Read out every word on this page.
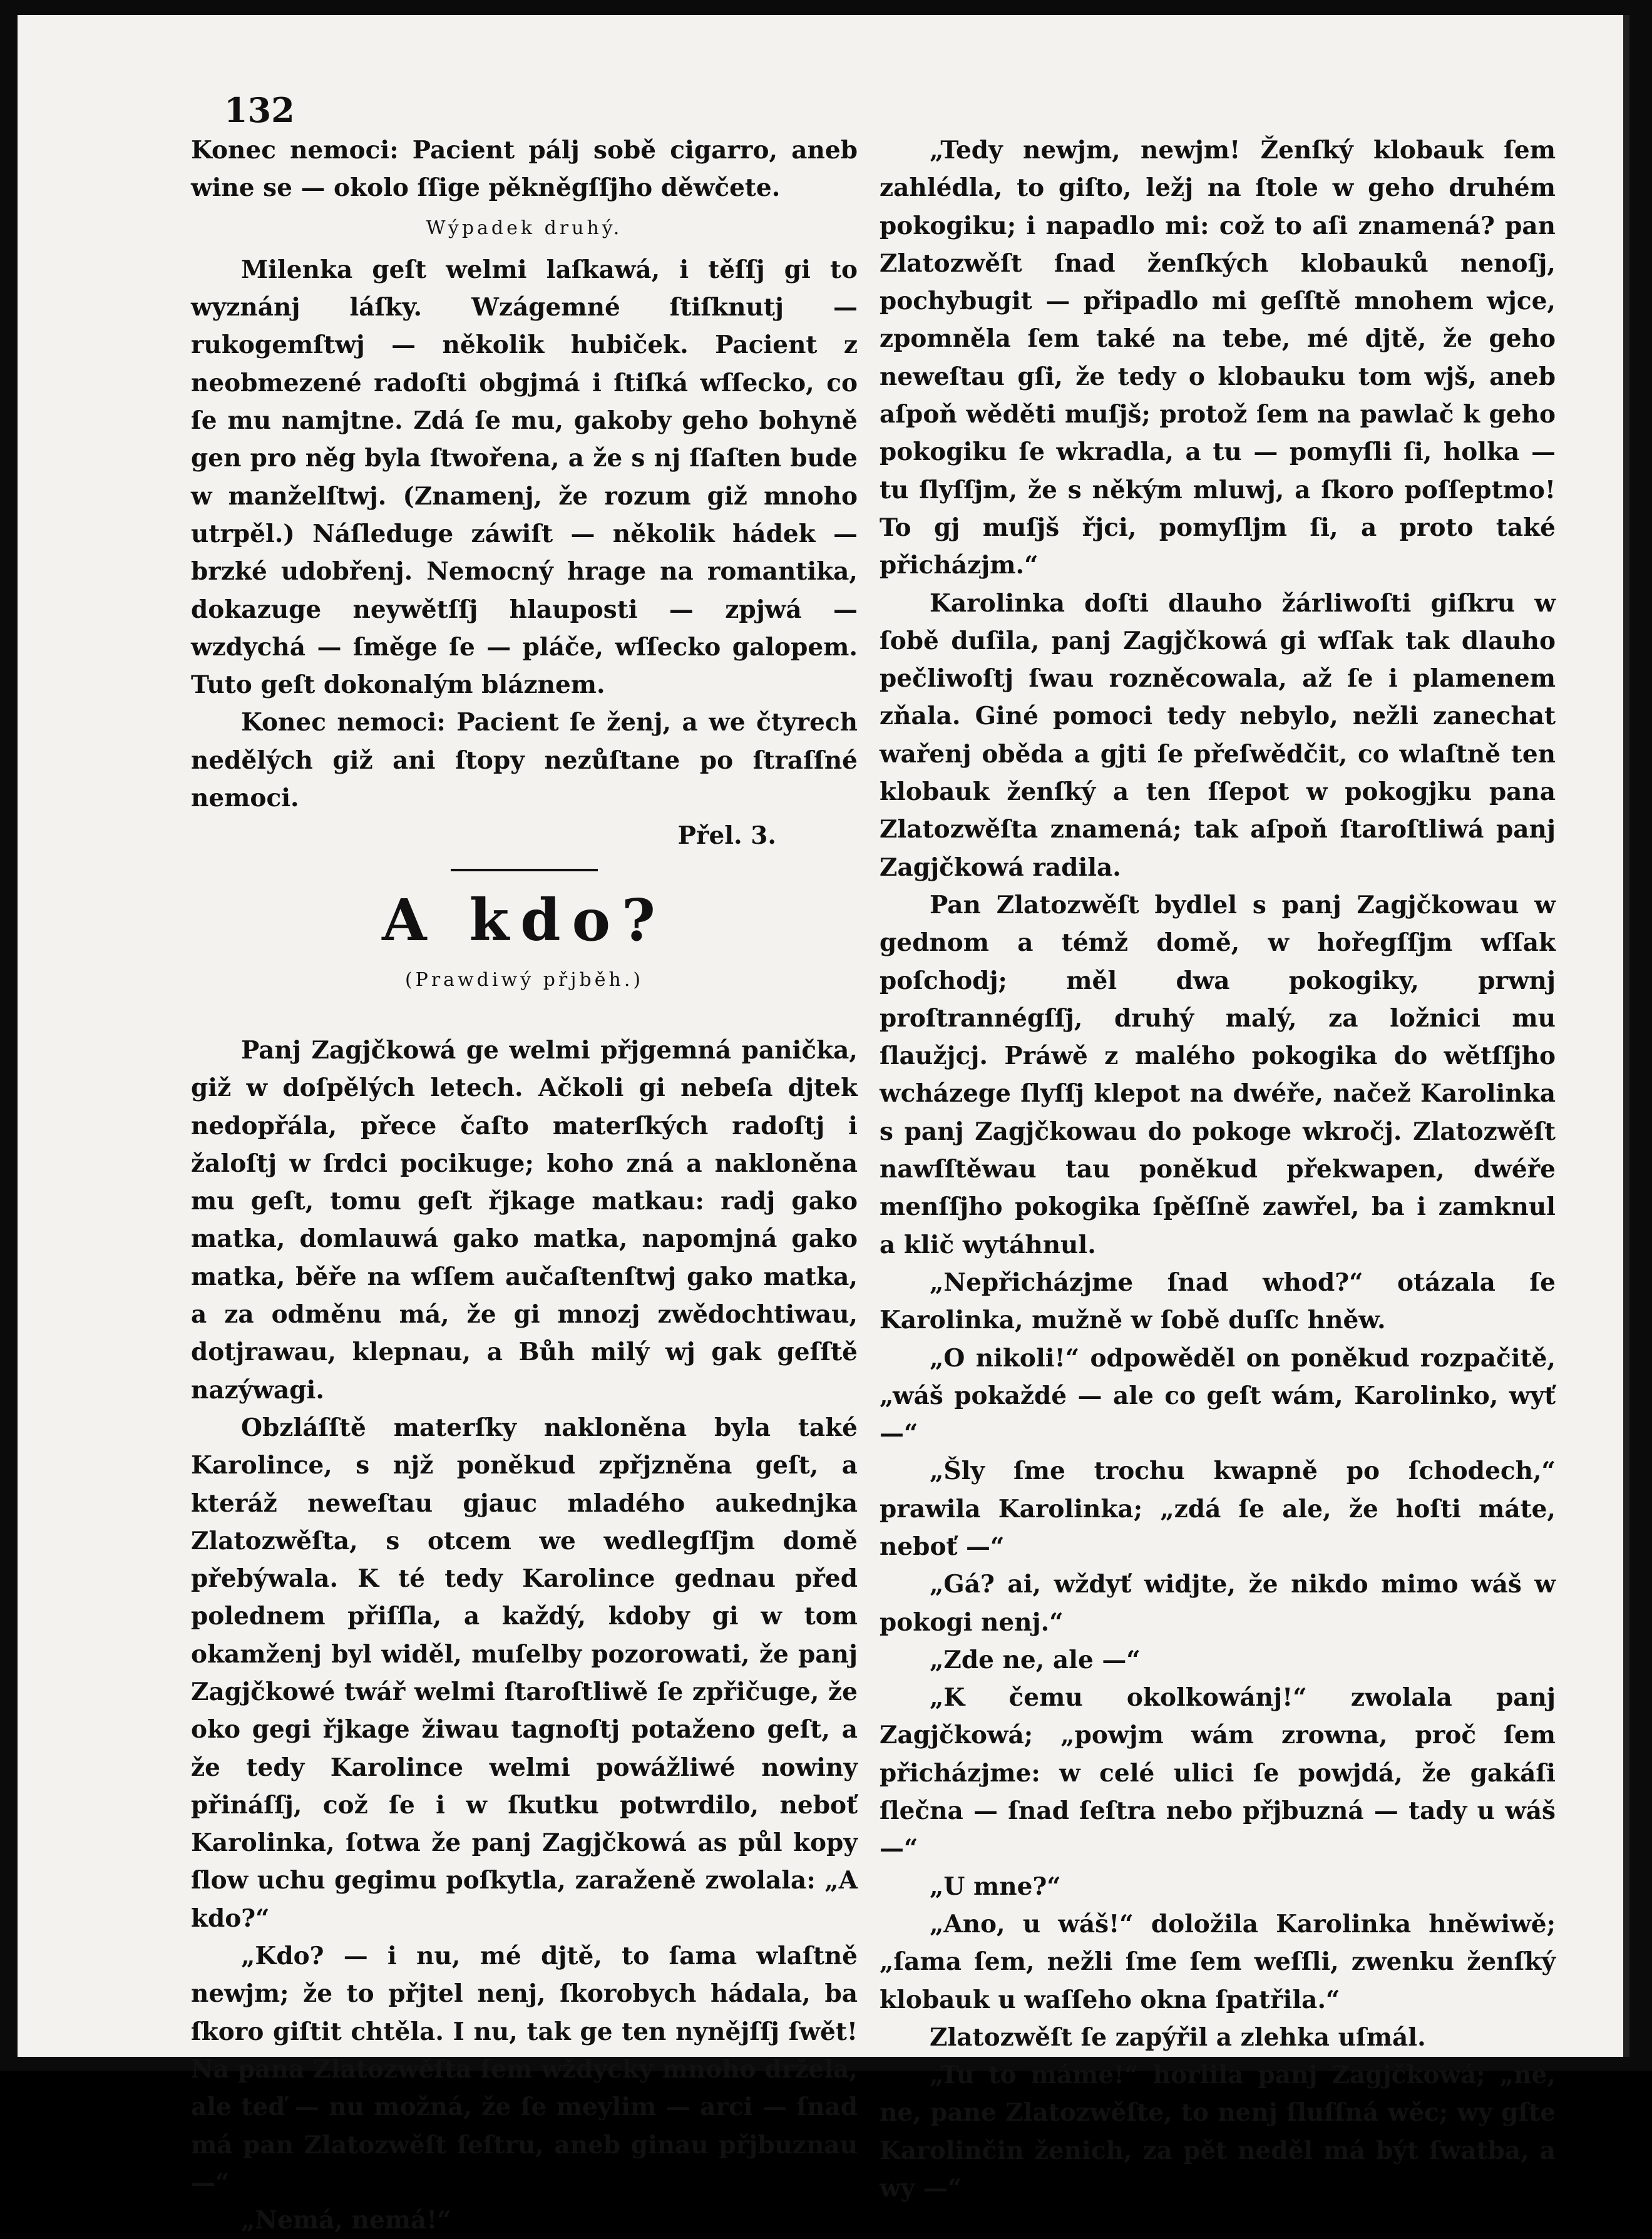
132

Konec nemoci: Pacient pálj sobě cigarro, aneb wine se — okolo ſſige pěkněgſſjho děwčete.

Wýpadek druhý.

Milenka geſt welmi laſkawá, i těſſj gi to wyznánj láſky. Wzágemné ſtiſknutj — rukogemſtwj — několik hubiček. Pacient z neobmezené radoſti obgjmá i ſtiſká wſſecko, co ſe mu namjtne. Zdá ſe mu, gakoby geho bohyně gen pro něg byla ſtwořena, a že s nj ſſaſten bude w manželſtwj. (Znamenj, že rozum giž mnoho utrpěl.) Náſleduge záwiſt — několik hádek — brzké udobřenj. Nemocný hrage na romantika, dokazuge neywětſſj hlauposti — zpjwá — wzdychá — ſměge ſe — pláče, wſſecko galopem. Tuto geſt dokonalým bláznem.

Konec nemoci: Pacient ſe ženj, a we čtyrech nedělých giž ani ſtopy nezůſtane po ſtraſſné nemoci.

Přel. 3.

A kdo?
(Prawdiwý přjběh.)

Panj Zagjčkowá ge welmi přjgemná panička, giž w doſpělých letech. Ačkoli gi nebeſa djtek nedopřála, přece čaſto materſkých radoſtj i žaloſtj w ſrdci pocikuge; koho zná a nakloněna mu geſt, tomu geſt řjkage matkau: radj gako matka, domlauwá gako matka, napomjná gako matka, běře na wſſem aučaſtenſtwj gako matka, a za odměnu má, že gi mnozj zwědochtiwau, dotjrawau, klepnau, a Bůh milý wj gak geſſtě nazýwagi.

Obzláſſtě materſky nakloněna byla také Karolince, s njž poněkud zpřjzněna geſt, a kteráž neweſtau gjauc mladého aukednjka Zlatozwěſta, s otcem we wedlegſſjm domě přebýwala. K té tedy Karolince gednau před polednem přiſſla, a každý, kdoby gi w tom okamženj byl widěl, muſelby pozorowati, že panj Zagjčkowé twář welmi ſtaroſtliwě ſe zpřičuge, že oko gegi řjkage žiwau tagnoſtj potaženo geſt, a že tedy Karolince welmi powážliwé nowiny přináſſj, což ſe i w ſkutku potwrdilo, neboť Karolinka, ſotwa že panj Zagjčkowá as půl kopy ſlow uchu gegimu poſkytla, zaraženě zwolala: „A kdo?“

„Kdo? — i nu, mé djtě, to ſama wlaſtně newjm; že to přjtel nenj, ſkorobych hádala, ba ſkoro giſtit chtěla. I nu, tak ge ten nynějſſj ſwět! Na pana Zlatozwěſta ſem wždycky mnoho držela, ale teď — nu možná, že ſe meylim — arci — ſnad má pan Zlatozwěſt ſeſtru, aneb ginau přjbuznau —“

„Nemá, nemá!“

„Tedy newjm, newjm! Ženſký klobauk ſem zahlédla, to giſto, ležj na ſtole w geho druhém pokogiku; i napadlo mi: což to aſi znamená? pan Zlatozwěſt ſnad ženſkých klobauků nenoſj, pochybugit — připadlo mi geſſtě mnohem wjce, zpomněla ſem také na tebe, mé djtě, že geho neweſtau gſi, že tedy o klobauku tom wjš, aneb aſpoň wěděti muſjš; protož ſem na pawlač k geho pokogiku ſe wkradla, a tu — pomyſli ſi, holka — tu ſlyſſjm, že s někým mluwj, a ſkoro poſſeptmo! To gj muſjš řjci, pomyſljm ſi, a proto také přicházjm.“

Karolinka doſti dlauho žárliwoſti giſkru w ſobě duſila, panj Zagjčkowá gi wſſak tak dlauho pečliwoſtj ſwau rozněcowala, až ſe i plamenem zňala. Giné pomoci tedy nebylo, nežli zanechat wařenj oběda a gjti ſe přeſwědčit, co wlaſtně ten klobauk ženſký a ten ſſepot w pokogjku pana Zlatozwěſta znamená; tak aſpoň ſtaroſtliwá panj Zagjčkowá radila.

Pan Zlatozwěſt bydlel s panj Zagjčkowau w gednom a témž domě, w hořegſſjm wſſak poſchodj; měl dwa pokogiky, prwnj proſtrannégſſj, druhý malý, za ložnici mu ſlaužjcj. Práwě z malého pokogika do wětſſjho wcházege ſlyſſj klepot na dwéře, načež Karolinka s panj Zagjčkowau do pokoge wkročj. Zlatozwěſt nawſſtěwau tau poněkud překwapen, dwéře menſſjho pokogika ſpěſſně zawřel, ba i zamknul a klič wytáhnul.

„Nepřicházjme ſnad whod?“ otázala ſe Karolinka, mužně w ſobě duſſc hněw.

„O nikoli!“ odpowěděl on poněkud rozpačitě, „wáš pokaždé — ale co geſt wám, Karolinko, wyť —“

„Šly ſme trochu kwapně po ſchodech,“ prawila Karolinka; „zdá ſe ale, že hoſti máte, neboť —“

„Gá? ai, wždyť widjte, že nikdo mimo wáš w pokogi nenj.“

„Zde ne, ale —“

„K čemu okolkowánj!“ zwolala panj Zagjčkowá; „powjm wám zrowna, proč ſem přicházjme: w celé ulici ſe powjdá, že gakáſi ſlečna — ſnad ſeſtra nebo přjbuzná — tady u wáš —“

„U mne?“

„Ano, u wáš!“ doložila Karolinka hněwiwě; „ſama ſem, nežli ſme ſem weſſli, zwenku ženſký klobauk u waſſeho okna ſpatřila.“

Zlatozwěſt ſe zapýřil a zlehka uſmál.

„Tu to máme!“ horlila panj Zagjčkowá; „ne, ne, pane Zlatozwěſte, to nenj ſluſſná wěc; wy gſte Karolinčin ženich, za pět neděl má být ſwatba, a wy —“
